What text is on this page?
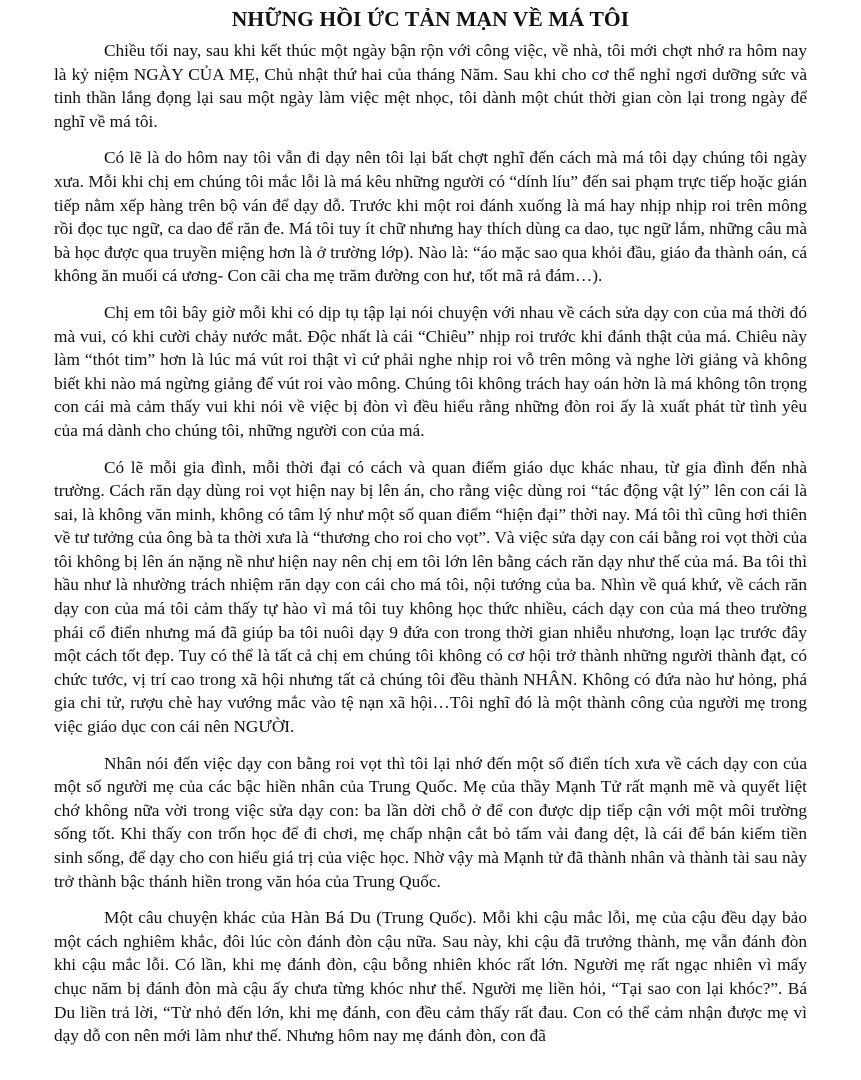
NHỮNG HỒI ỨC TẢN MẠN VỀ MÁ TÔI

Chiều tối nay, sau khi kết thúc một ngày bận rộn với công việc, về nhà, tôi mới chợt nhớ ra hôm nay là kỷ niệm NGÀY CỦA MẸ, Chủ nhật thứ hai của tháng Năm. Sau khi cho cơ thể nghỉ ngơi dưỡng sức và tinh thần lắng đọng lại sau một ngày làm việc mệt nhọc, tôi dành một chút thời gian còn lại trong ngày để nghĩ về má tôi.

Có lẽ là do hôm nay tôi vẫn đi dạy nên tôi lại bất chợt nghĩ đến cách mà má tôi dạy chúng tôi ngày xưa. Mỗi khi chị em chúng tôi mắc lỗi là má kêu những người có “dính líu” đến sai phạm trực tiếp hoặc gián tiếp nằm xếp hàng trên bộ ván để dạy dỗ. Trước khi một roi đánh xuống là má hay nhịp nhịp roi trên mông rồi đọc tục ngữ, ca dao để răn đe. Má tôi tuy ít chữ nhưng hay thích dùng ca dao, tục ngữ lắm, những câu mà bà học được qua truyền miệng hơn là ở trường lớp). Nào là: “áo mặc sao qua khỏi đầu, giáo đa thành oán, cá không ăn muối cá ương- Con cãi cha mẹ trăm đường con hư, tốt mã rả đám…).

Chị em tôi bây giờ mỗi khi có dịp tụ tập lại nói chuyện với nhau về cách sửa dạy con của má thời đó mà vui, có khi cười chảy nước mắt. Độc nhất là cái “Chiêu” nhịp roi trước khi đánh thật của má. Chiêu này làm “thót tim” hơn là lúc má vút roi thật vì cứ phải nghe nhịp roi vỗ trên mông và nghe lời giảng và không biết khi nào má ngừng giảng để vút roi vào mông. Chúng tôi không trách hay oán hờn là má không tôn trọng con cái mà cảm thấy vui khi nói về việc bị đòn vì đều hiểu rằng những đòn roi ấy là xuất phát từ tình yêu của má dành cho chúng tôi, những người con của má.

Có lẽ mỗi gia đình, mỗi thời đại có cách và quan điểm giáo dục khác nhau, từ gia đình đến nhà trường. Cách răn dạy dùng roi vọt hiện nay bị lên án, cho rằng việc dùng roi “tác động vật lý” lên con cái là sai, là không văn minh, không có tâm lý như một số quan điểm “hiện đại” thời nay. Má tôi thì cũng hơi thiên về tư tưởng của ông bà ta thời xưa là “thương cho roi cho vọt”. Và việc sửa dạy con cái bằng roi vọt thời của tôi không bị lên án nặng nề như hiện nay nên chị em tôi lớn lên bằng cách răn dạy như thế của má. Ba tôi thì hầu như là nhường trách nhiệm răn dạy con cái cho má tôi, nội tướng của ba. Nhìn về quá khứ, về cách răn dạy con của má tôi cảm thấy tự hào vì má tôi tuy không học thức nhiều, cách dạy con của má theo trường phái cổ điển nhưng má đã giúp ba tôi nuôi dạy 9 đứa con trong thời gian nhiễu nhương, loạn lạc trước đây một cách tốt đẹp. Tuy có thể là tất cả chị em chúng tôi không có cơ hội trở thành những người thành đạt, có chức tước, vị trí cao trong xã hội nhưng tất cả chúng tôi đều thành NHÂN. Không có đứa nào hư hỏng, phá gia chi tử, rượu chè hay vướng mắc vào tệ nạn xã hội…Tôi nghĩ đó là một thành công của người mẹ trong việc giáo dục con cái nên NGƯỜI.

Nhân nói đến việc dạy con bằng roi vọt thì tôi lại nhớ đến một số điển tích xưa về cách dạy con của một số người mẹ của các bậc hiền nhân của Trung Quốc. Mẹ của thầy Mạnh Tử rất mạnh mẽ và quyết liệt chớ không nữa vời trong việc sửa dạy con: ba lần dời chỗ ở để con được dịp tiếp cận với một môi trường sống tốt. Khi thấy con trốn học để đi chơi, mẹ chấp nhận cắt bỏ tấm vải đang dệt, là cái để bán kiếm tiền sinh sống, để dạy cho con hiểu giá trị của việc học. Nhờ vậy mà Mạnh tử đã thành nhân và thành tài sau này trở thành bậc thánh hiền trong văn hóa của Trung Quốc.

Một câu chuyện khác của Hàn Bá Du (Trung Quốc). Mỗi khi cậu mắc lỗi, mẹ của cậu đều dạy bảo một cách nghiêm khắc, đôi lúc còn đánh đòn cậu nữa. Sau này, khi cậu đã trưởng thành, mẹ vẫn đánh đòn khi cậu mắc lỗi. Có lần, khi mẹ đánh đòn, cậu bỗng nhiên khóc rất lớn. Người mẹ rất ngạc nhiên vì mấy chục năm bị đánh đòn mà cậu ấy chưa từng khóc như thế. Người mẹ liền hỏi, “Tại sao con lại khóc?”. Bá Du liền trả lời, “Từ nhỏ đến lớn, khi mẹ đánh, con đều cảm thấy rất đau. Con có thể cảm nhận được mẹ vì dạy dỗ con nên mới làm như thế. Nhưng hôm nay mẹ đánh đòn, con đã
